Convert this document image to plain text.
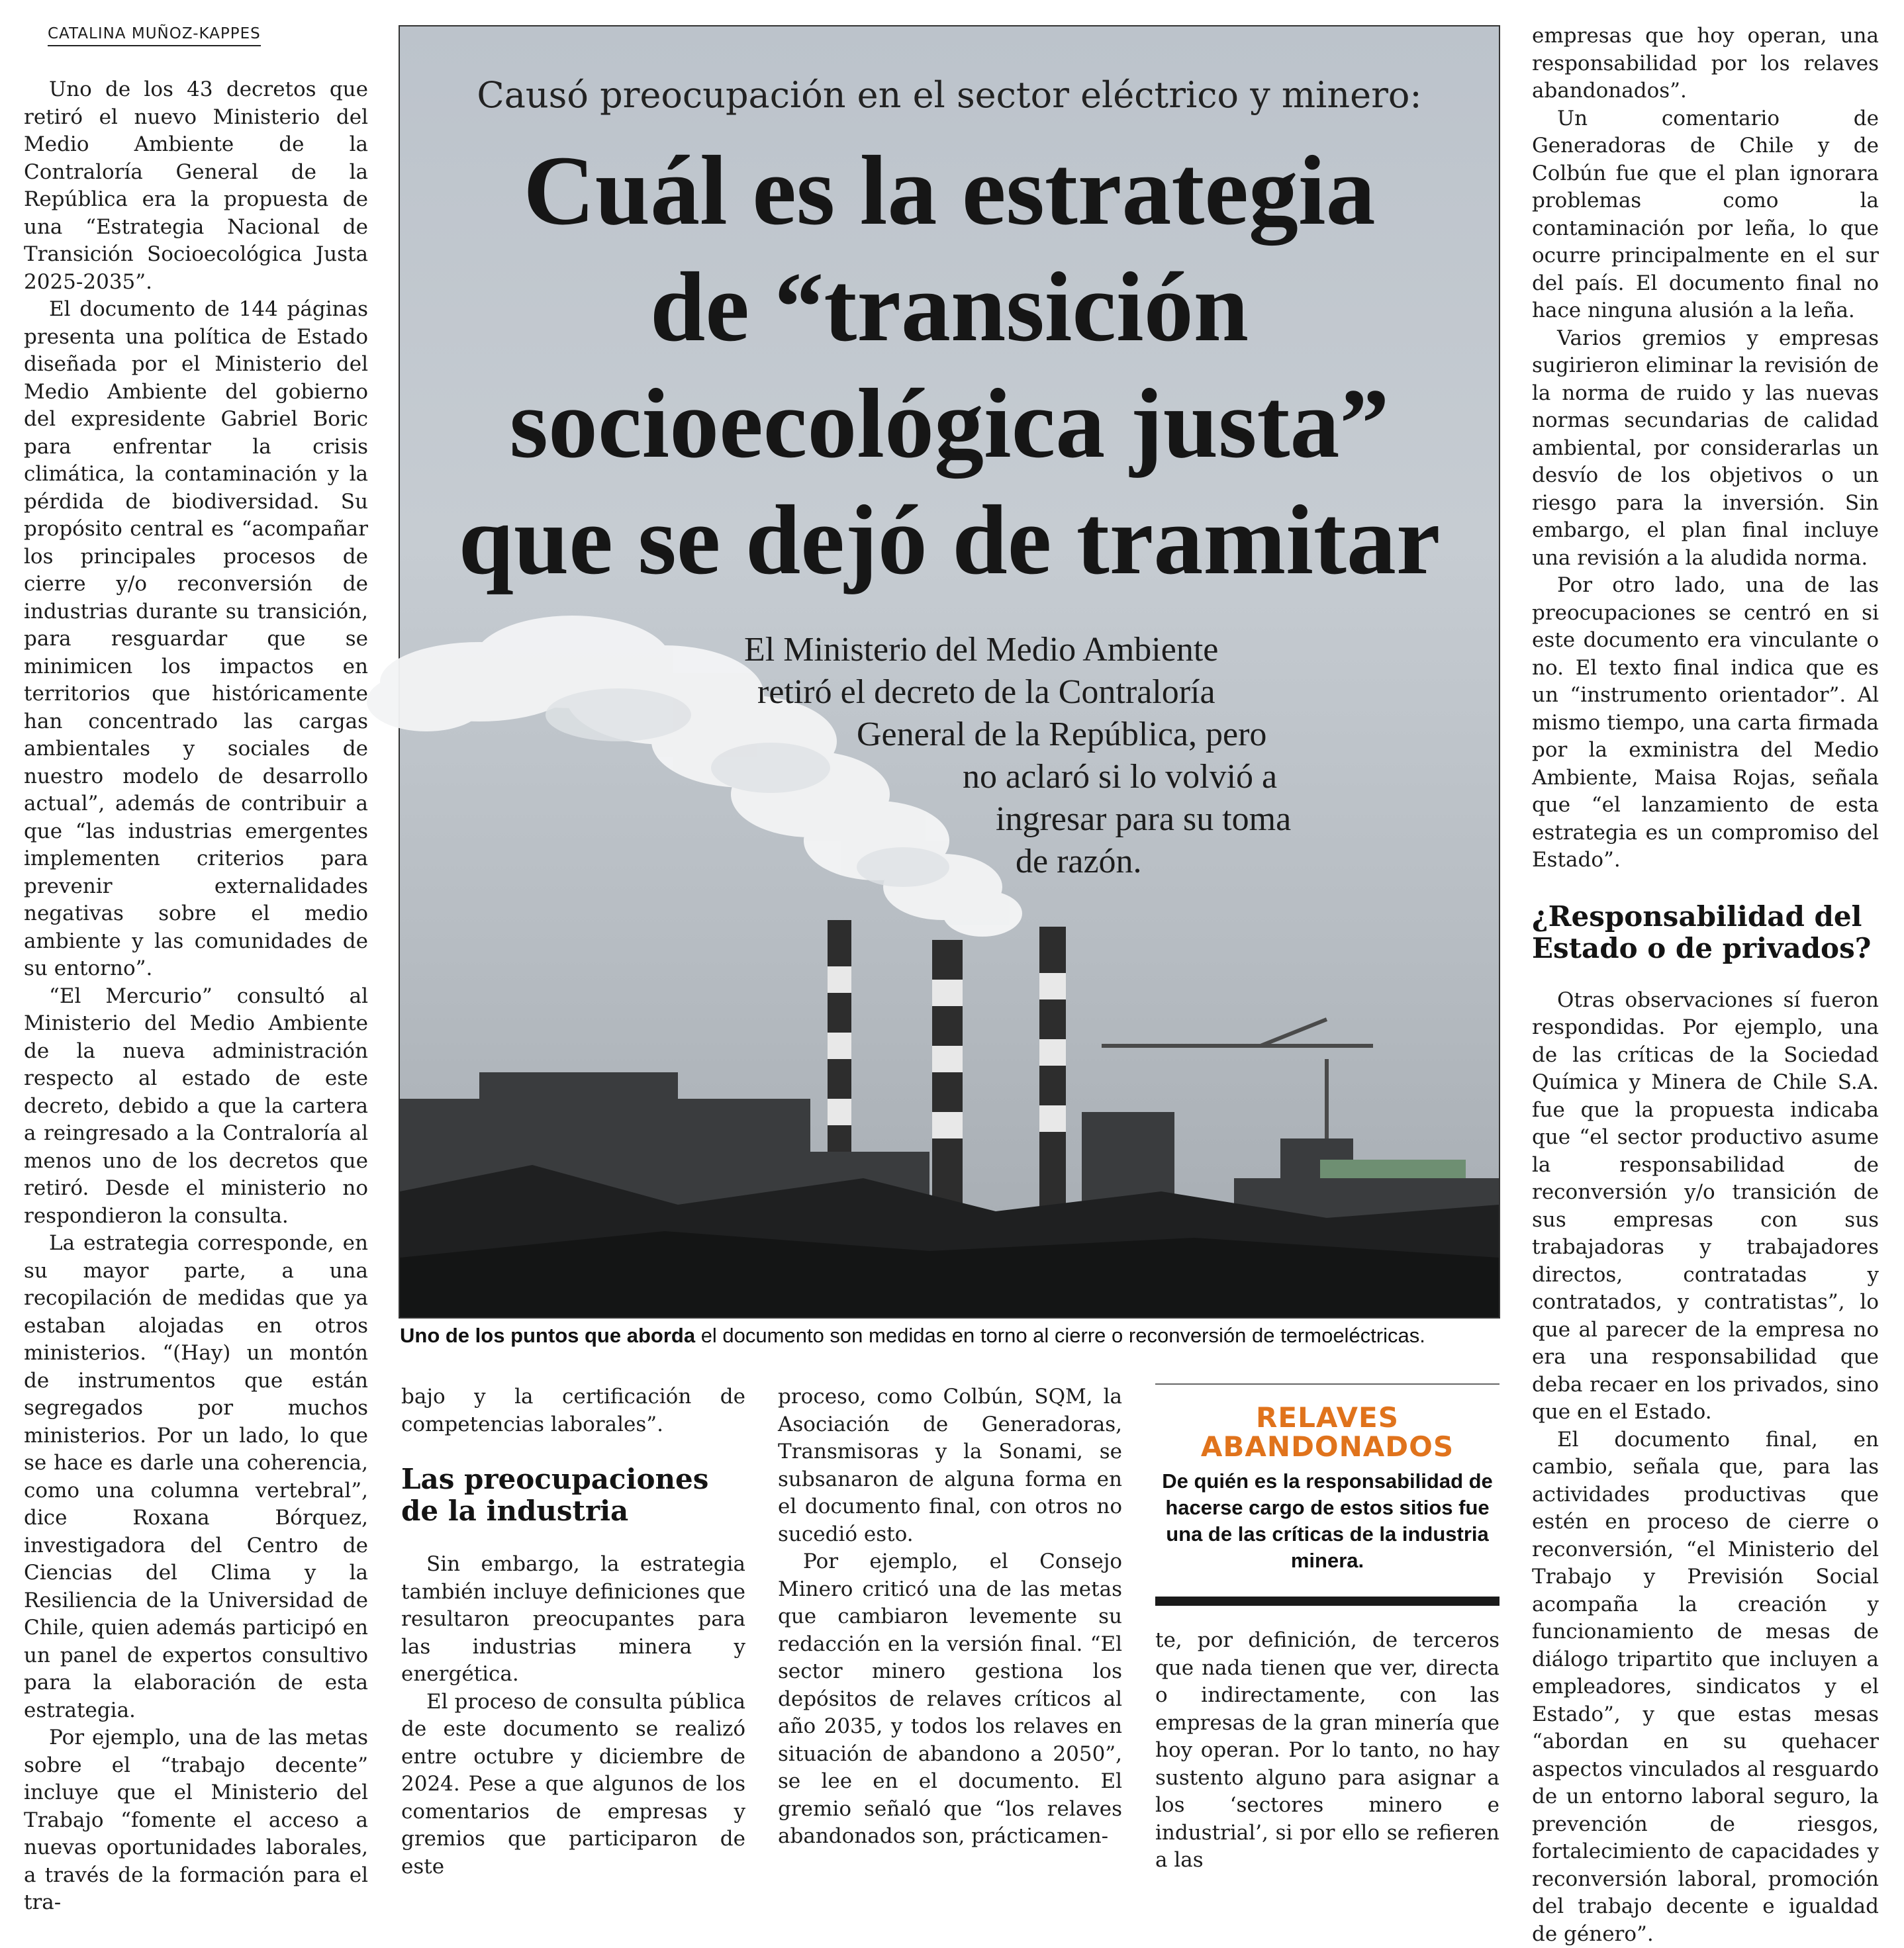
CATALINA MUÑOZ-KAPPES

Uno de los 43 decretos que retiró el nuevo Ministerio del Medio Ambiente de la Contraloría General de la República era la propuesta de una “Estrategia Nacional de Transición Socioecológica Justa 2025-2035”.

El documento de 144 páginas presenta una política de Estado diseñada por el Ministerio del Medio Ambiente del gobierno del expresidente Gabriel Boric para enfrentar la crisis climática, la contaminación y la pérdida de biodiversidad. Su propósito central es “acompañar los principales procesos de cierre y/o reconversión de industrias durante su transición, para resguardar que se minimicen los impactos en territorios que históricamente han concentrado las cargas ambientales y sociales de nuestro modelo de desarrollo actual”, además de contribuir a que “las industrias emergentes implementen criterios para prevenir externalidades negativas sobre el medio ambiente y las comunidades de su entorno”.

“El Mercurio” consultó al Ministerio del Medio Ambiente de la nueva administración respecto al estado de este decreto, debido a que la cartera a reingresado a la Contraloría al menos uno de los decretos que retiró. Desde el ministerio no respondieron la consulta.

La estrategia corresponde, en su mayor parte, a una recopilación de medidas que ya estaban alojadas en otros ministerios. “(Hay) un montón de instrumentos que están segregados por muchos ministerios. Por un lado, lo que se hace es darle una coherencia, como una columna vertebral”, dice Roxana Bórquez, investigadora del Centro de Ciencias del Clima y la Resiliencia de la Universidad de Chile, quien además participó en un panel de expertos consultivo para la elaboración de esta estrategia.

Por ejemplo, una de las metas sobre el “trabajo decente” incluye que el Ministerio del Trabajo “fomente el acceso a nuevas oportunidades laborales, a través de la formación para el tra-

Causó preocupación en el sector eléctrico y minero:
Cuál es la estrategia
de “transición
socioecológica justa”
que se dejó de tramitar
El Ministerio del Medio Ambiente
retiró el decreto de la Contraloría
General de la República, pero
no aclaró si lo volvió a
ingresar para su toma
de razón.
Uno de los puntos que aborda el documento son medidas en torno al cierre o reconversión de termoeléctricas.

bajo y la certificación de competencias laborales”.

Las preocupaciones de la industria

Sin embargo, la estrategia también incluye definiciones que resultaron preocupantes para las industrias minera y energética.

El proceso de consulta pública de este documento se realizó entre octubre y diciembre de 2024. Pese a que algunos de los comentarios de empresas y gremios que participaron de este

proceso, como Colbún, SQM, la Asociación de Generadoras, Transmisoras y la Sonami, se subsanaron de alguna forma en el documento final, con otros no sucedió esto.

Por ejemplo, el Consejo Minero criticó una de las metas que cambiaron levemente su redacción en la versión final. “El sector minero gestiona los depósitos de relaves críticos al año 2035, y todos los relaves en situación de abandono a 2050”, se lee en el documento. El gremio señaló que “los relaves abandonados son, prácticamen-

RELAVES
ABANDONADOS
De quién es la responsabilidad de hacerse cargo de estos sitios fue una de las críticas de la industria minera.

te, por definición, de terceros que nada tienen que ver, directa o indirectamente, con las empresas de la gran minería que hoy operan. Por lo tanto, no hay sustento alguno para asignar a los ‘sectores minero e industrial’, si por ello se refieren a las

empresas que hoy operan, una responsabilidad por los relaves abandonados”.

Un comentario de Generadoras de Chile y de Colbún fue que el plan ignorara problemas como la contaminación por leña, lo que ocurre principalmente en el sur del país. El documento final no hace ninguna alusión a la leña.

Varios gremios y empresas sugirieron eliminar la revisión de la norma de ruido y las nuevas normas secundarias de calidad ambiental, por considerarlas un desvío de los objetivos o un riesgo para la inversión. Sin embargo, el plan final incluye una revisión a la aludida norma.

Por otro lado, una de las preocupaciones se centró en si este documento era vinculante o no. El texto final indica que es un “instrumento orientador”. Al mismo tiempo, una carta firmada por la exministra del Medio Ambiente, Maisa Rojas, señala que “el lanzamiento de esta estrategia es un compromiso del Estado”.

¿Responsabilidad del Estado o de privados?

Otras observaciones sí fueron respondidas. Por ejemplo, una de las críticas de la Sociedad Química y Minera de Chile S.A. fue que la propuesta indicaba que “el sector productivo asume la responsabilidad de reconversión y/o transición de sus empresas con sus trabajadoras y trabajadores directos, contratadas y contratados, y contratistas”, lo que al parecer de la empresa no era una responsabilidad que deba recaer en los privados, sino que en el Estado.

El documento final, en cambio, señala que, para las actividades productivas que estén en proceso de cierre o reconversión, “el Ministerio del Trabajo y Previsión Social acompaña la creación y funcionamiento de mesas de diálogo tripartito que incluyen a empleadores, sindicatos y el Estado”, y que estas mesas “abordan en su quehacer aspectos vinculados al resguardo de un entorno laboral seguro, la prevención de riesgos, fortalecimiento de capacidades y reconversión laboral, promoción del trabajo decente e igualdad de género”.
